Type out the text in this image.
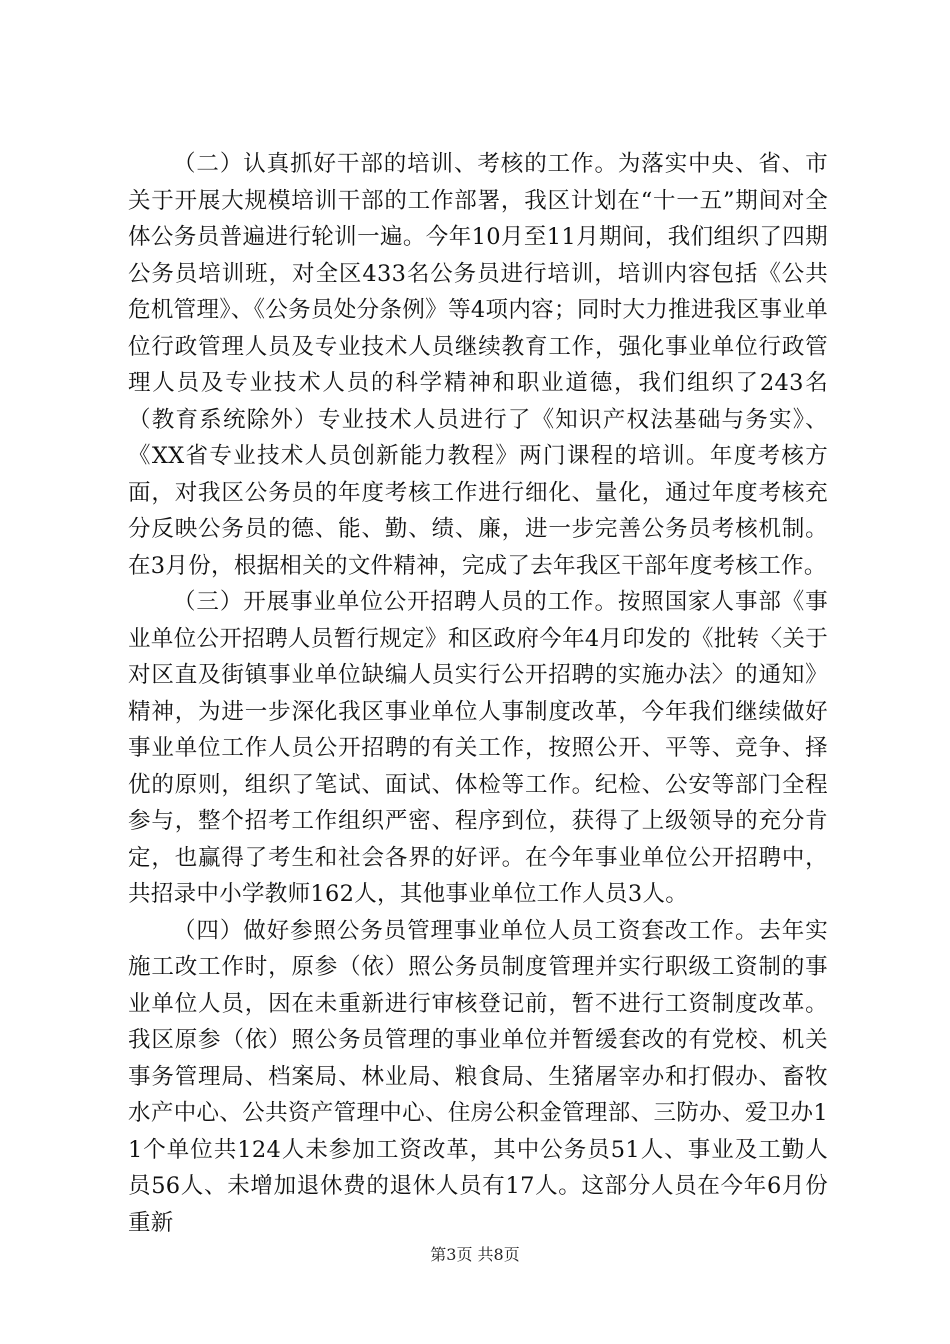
（二）认真抓好干部的培训、考核的工作。为落实中央、省、市关于开展大规模培训干部的工作部署，我区计划在“十一五”期间对全体公务员普遍进行轮训一遍。今年10月至11月期间，我们组织了四期公务员培训班，对全区433名公务员进行培训，培训内容包括《公共危机管理》、《公务员处分条例》等4项内容；同时大力推进我区事业单位行政管理人员及专业技术人员继续教育工作，强化事业单位行政管理人员及专业技术人员的科学精神和职业道德，我们组织了243名（教育系统除外）专业技术人员进行了《知识产权法基础与务实》、《XX省专业技术人员创新能力教程》两门课程的培训。年度考核方面，对我区公务员的年度考核工作进行细化、量化，通过年度考核充分反映公务员的德、能、勤、绩、廉，进一步完善公务员考核机制。在3月份，根据相关的文件精神，完成了去年我区干部年度考核工作。

（三）开展事业单位公开招聘人员的工作。按照国家人事部《事业单位公开招聘人员暂行规定》和区政府今年4月印发的《批转〈关于对区直及街镇事业单位缺编人员实行公开招聘的实施办法〉的通知》精神，为进一步深化我区事业单位人事制度改革，今年我们继续做好事业单位工作人员公开招聘的有关工作，按照公开、平等、竞争、择优的原则，组织了笔试、面试、体检等工作。纪检、公安等部门全程参与，整个招考工作组织严密、程序到位，获得了上级领导的充分肯定，也赢得了考生和社会各界的好评。在今年事业单位公开招聘中，共招录中小学教师162人，其他事业单位工作人员3人。

（四）做好参照公务员管理事业单位人员工资套改工作。去年实施工改工作时，原参（依）照公务员制度管理并实行职级工资制的事业单位人员，因在未重新进行审核登记前，暂不进行工资制度改革。我区原参（依）照公务员管理的事业单位并暂缓套改的有党校、机关事务管理局、档案局、林业局、粮食局、生猪屠宰办和打假办、畜牧水产中心、公共资产管理中心、住房公积金管理部、三防办、爱卫办11个单位共124人未参加工资改革，其中公务员51人、事业及工勤人员56人、未增加退休费的退休人员有17人。这部分人员在今年6月份重新

第3页 共8页
